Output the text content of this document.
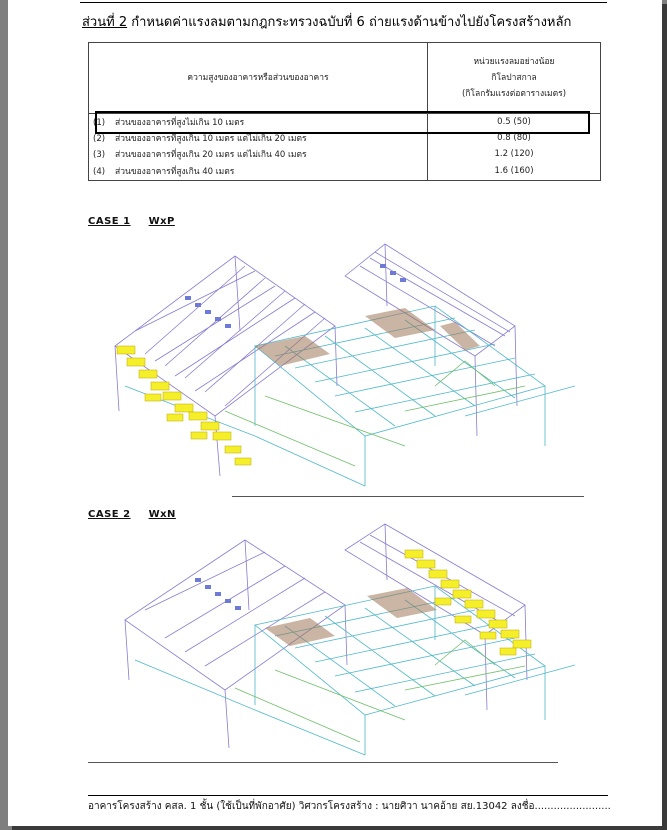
ส่วนที่ 2 กำหนดค่าแรงลมตามกฎกระทรวงฉบับที่ 6 ถ่ายแรงด้านข้างไปยังโครงสร้างหลัก
ความสูงของอาคารหรือส่วนของอาคาร	หน่วยแรงลมอย่างน้อย
กิโลปาสกาล
(กิโลกรัมแรงต่อตารางเมตร)

(1) ส่วนของอาคารที่สูงไม่เกิน 10 เมตร	0.5 (50)
(2) ส่วนของอาคารที่สูงเกิน 10 เมตร แต่ไม่เกิน 20 เมตร	0.8 (80)
(3) ส่วนของอาคารที่สูงเกิน 20 เมตร แต่ไม่เกิน 40 เมตร	1.2 (120)
(4) ส่วนของอาคารที่สูงเกิน 40 เมตร	1.6 (160)
CASE 1 WxP
CASE 2 WxN
อาคารโครงสร้าง คสล. 1 ชั้น (ใช้เป็นที่พักอาศัย) วิศวกรโครงสร้าง : นายศิวา นาคอ้าย สย.13042 ลงชื่อ........................
